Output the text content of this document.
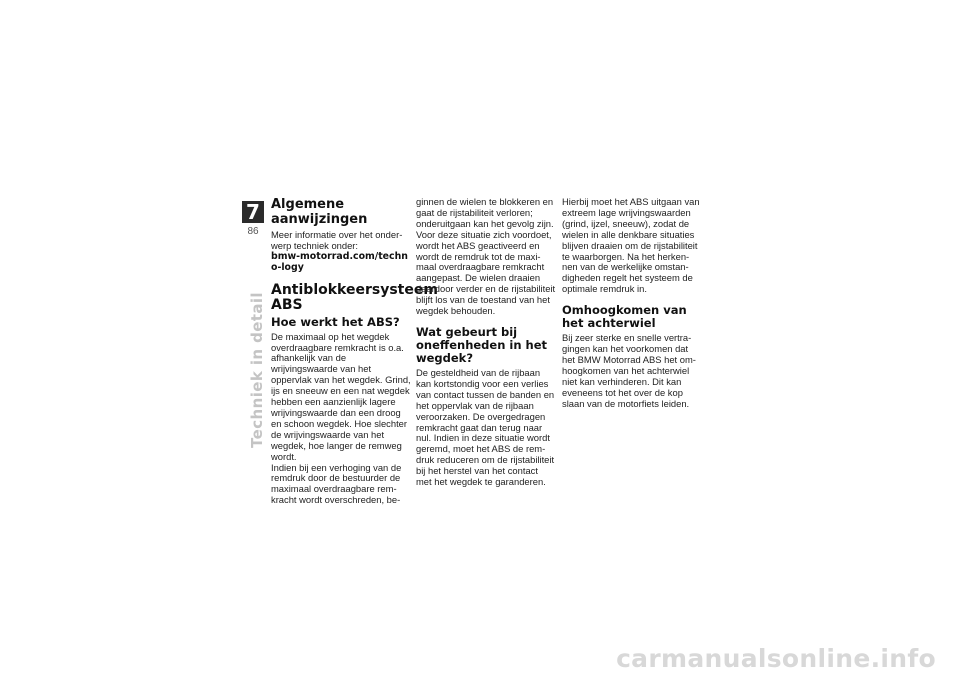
7
86
Techniek in detail
Algemene aanwijzingen

Meer informatie over het onder-werp techniek onder:

bmw-motorrad.com/techno-logy

Antiblokkeersysteem ABS
Hoe werkt het ABS?

De maximaal op het wegdek overdraagbare remkracht is o.a. afhankelijk van de wrijvingswaarde van het oppervlak van het wegdek. Grind, ijs en sneeuw en een nat wegdek hebben een aanzienlijk lagere wrijvingswaarde dan een droog en schoon wegdek. Hoe slechter de wrijvingswaarde van het wegdek, hoe langer de remweg wordt.

Indien bij een verhoging van de remdruk door de bestuurder de maximaal overdraagbare rem-kracht wordt overschreden, be-

ginnen de wielen te blokkeren en gaat de rijstabiliteit verloren; onderuitgaan kan het gevolg zijn. Voor deze situatie zich voordoet, wordt het ABS geactiveerd en wordt de remdruk tot de maxi-maal overdraagbare remkracht aangepast. De wielen draaien daardoor verder en de rijstabiliteit blijft los van de toestand van het wegdek behouden.

Wat gebeurt bij oneffenheden in het wegdek?

De gesteldheid van de rijbaan kan kortstondig voor een verlies van contact tussen de banden en het oppervlak van de rijbaan veroorzaken. De overgedragen remkracht gaat dan terug naar nul. Indien in deze situatie wordt geremd, moet het ABS de rem-druk reduceren om de rijstabiliteit bij het herstel van het contact met het wegdek te garanderen.

Hierbij moet het ABS uitgaan van extreem lage wrijvingswaarden (grind, ijzel, sneeuw), zodat de wielen in alle denkbare situaties blijven draaien om de rijstabiliteit te waarborgen. Na het herken-nen van de werkelijke omstan-digheden regelt het systeem de optimale remdruk in.

Omhoogkomen van het achterwiel

Bij zeer sterke en snelle vertra-gingen kan het voorkomen dat het BMW Motorrad ABS het om-hoogkomen van het achterwiel niet kan verhinderen. Dit kan eveneens tot het over de kop slaan van de motorfiets leiden.

carmanualsonline.info
